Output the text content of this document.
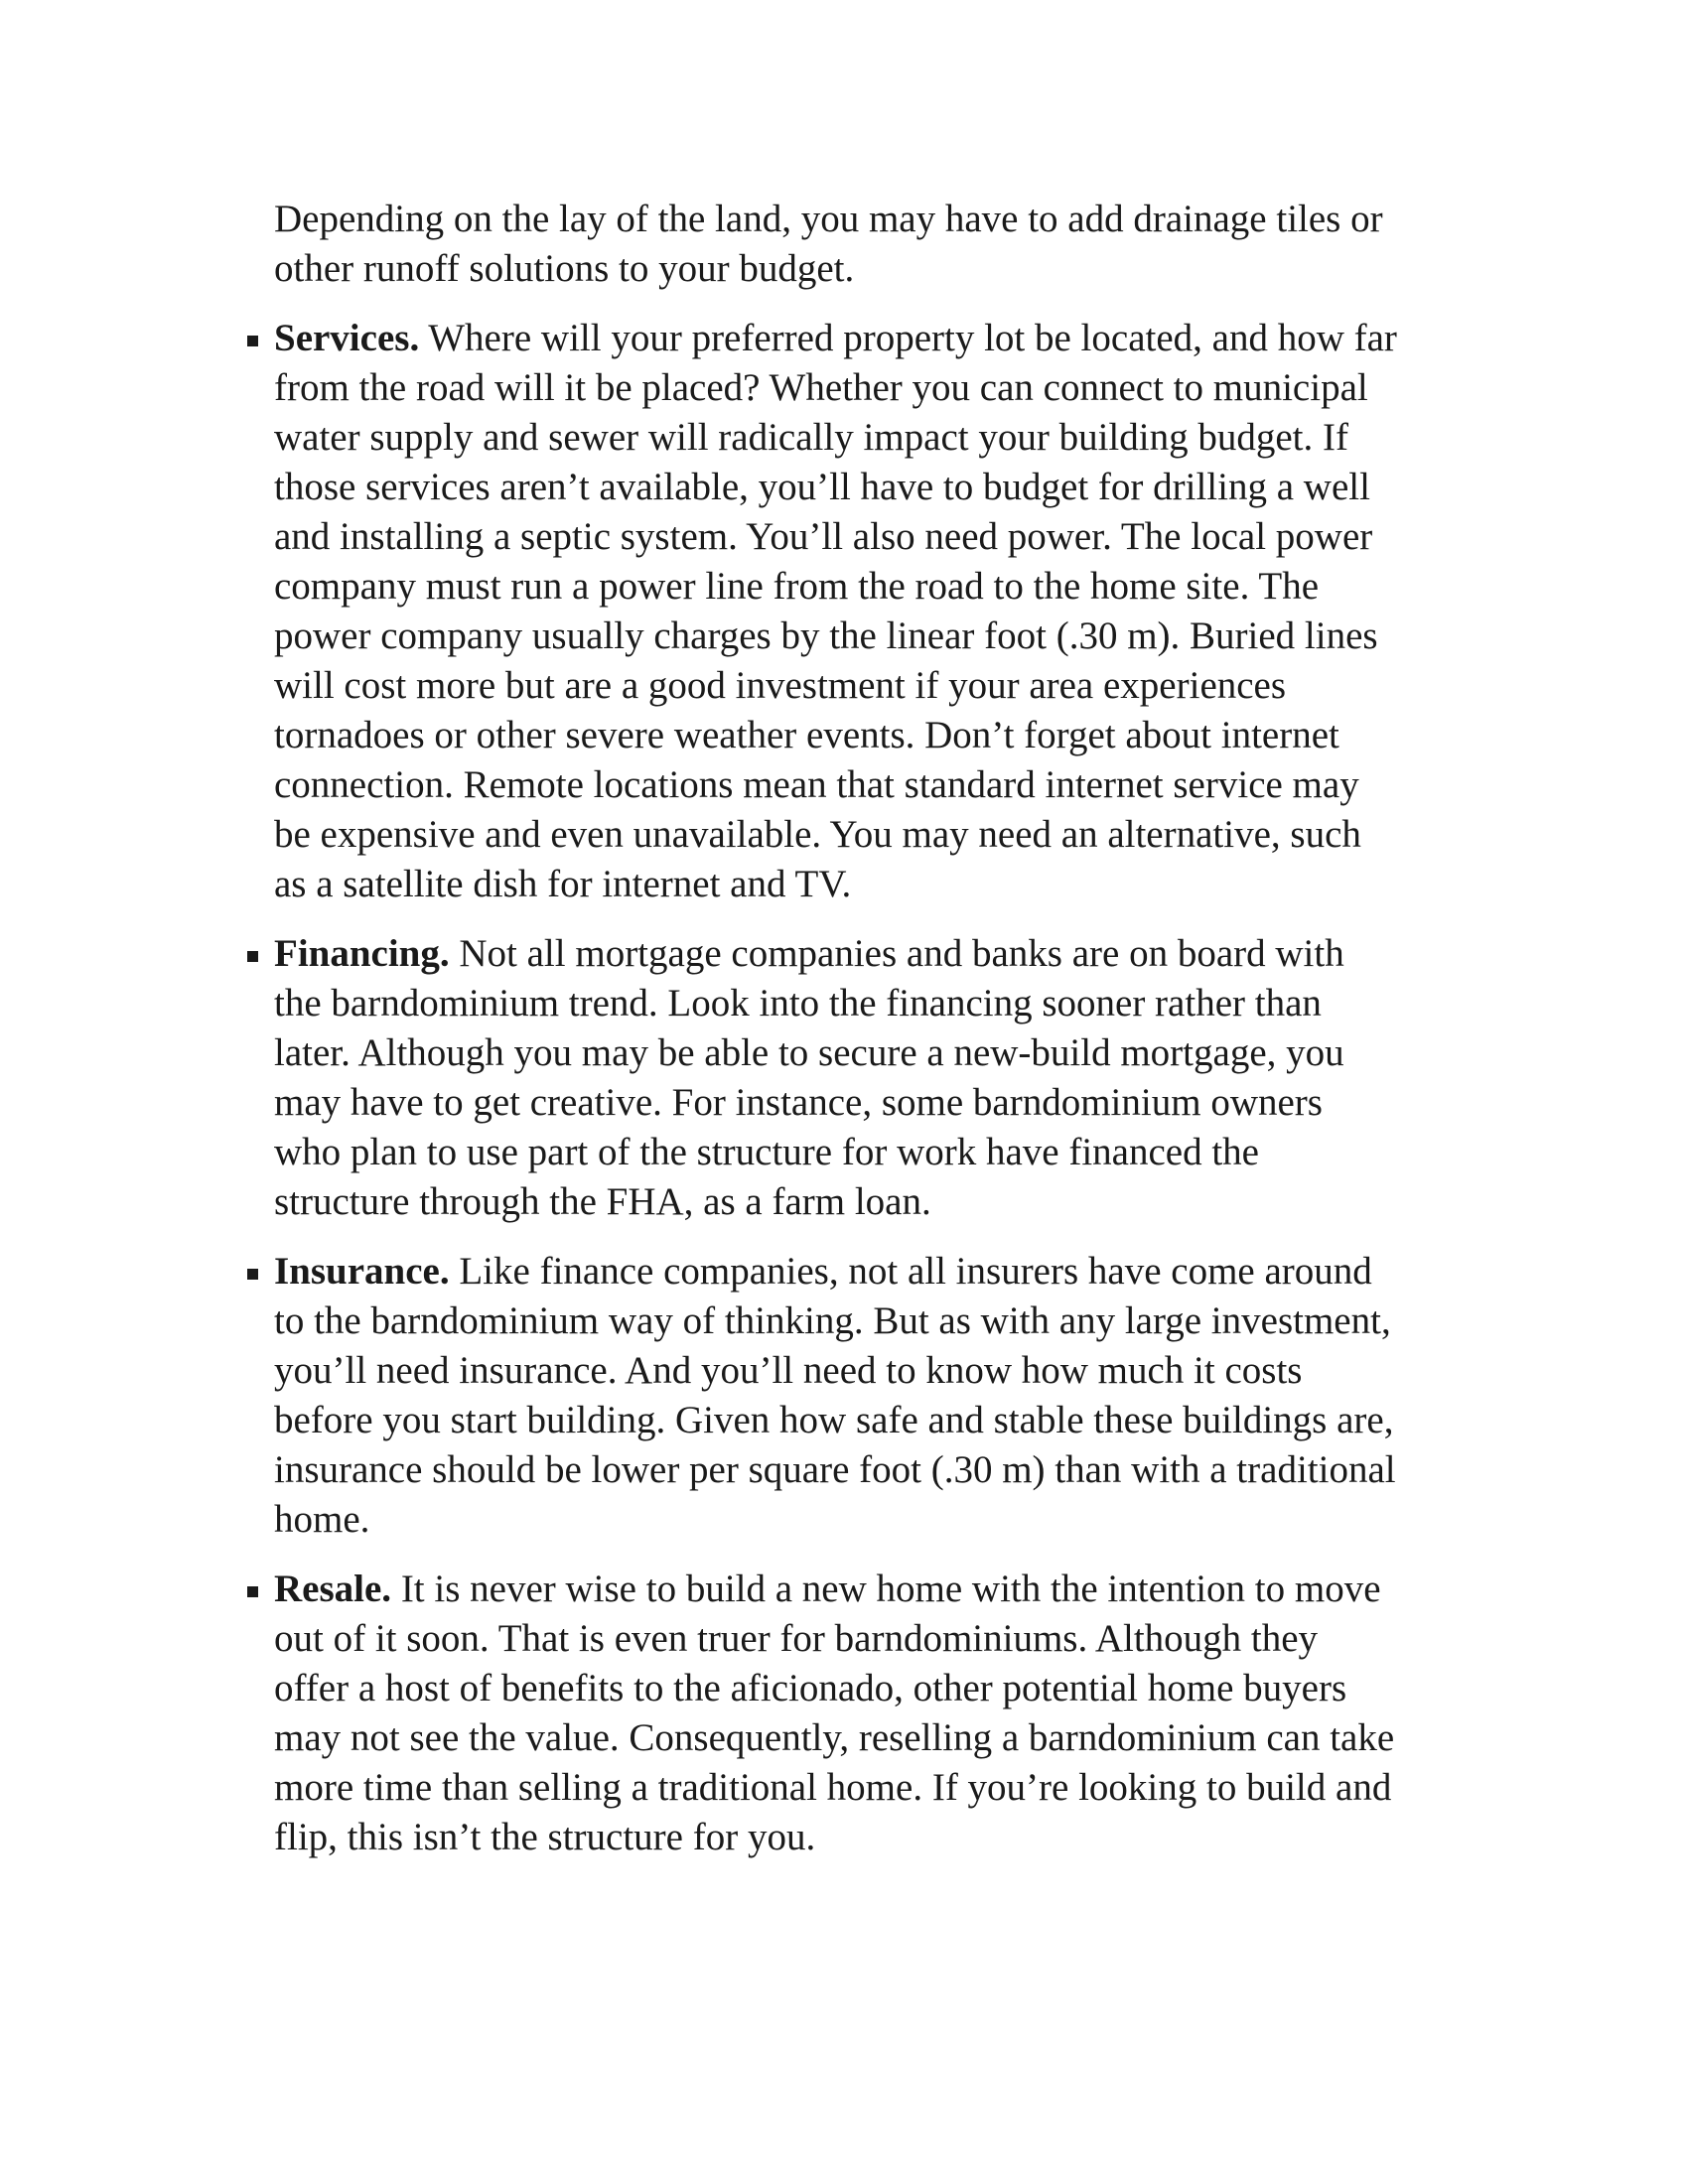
Depending on the lay of the land, you may have to add drainage tiles or
other runoff solutions to your budget.

Services. Where will your preferred property lot be located, and how far
from the road will it be placed? Whether you can connect to municipal
water supply and sewer will radically impact your building budget. If
those services aren’t available, you’ll have to budget for drilling a well
and installing a septic system. You’ll also need power. The local power
company must run a power line from the road to the home site. The
power company usually charges by the linear foot (.30 m). Buried lines
will cost more but are a good investment if your area experiences
tornadoes or other severe weather events. Don’t forget about internet
connection. Remote locations mean that standard internet service may
be expensive and even unavailable. You may need an alternative, such
as a satellite dish for internet and TV.
Financing. Not all mortgage companies and banks are on board with
the barndominium trend. Look into the financing sooner rather than
later. Although you may be able to secure a new-build mortgage, you
may have to get creative. For instance, some barndominium owners
who plan to use part of the structure for work have financed the
structure through the FHA, as a farm loan.
Insurance. Like finance companies, not all insurers have come around
to the barndominium way of thinking. But as with any large investment,
you’ll need insurance. And you’ll need to know how much it costs
before you start building. Given how safe and stable these buildings are,
insurance should be lower per square foot (.30 m) than with a traditional
home.
Resale. It is never wise to build a new home with the intention to move
out of it soon. That is even truer for barndominiums. Although they
offer a host of benefits to the aficionado, other potential home buyers
may not see the value. Consequently, reselling a barndominium can take
more time than selling a traditional home. If you’re looking to build and
flip, this isn’t the structure for you.
